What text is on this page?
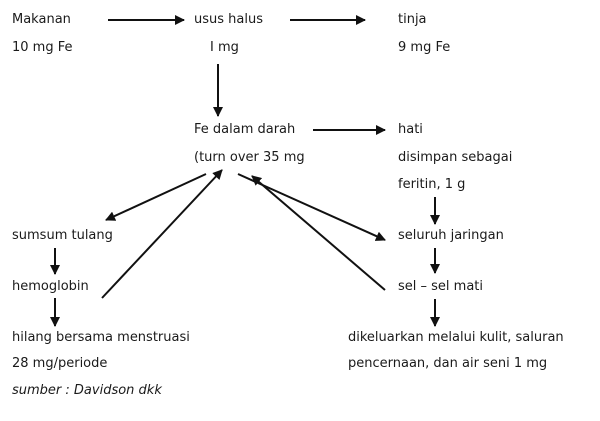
Makanan
10 mg Fe
usus halus
I mg
tinja
9 mg Fe
Fe dalam darah
(turn over 35 mg
hati
disimpan sebagai
feritin, 1 g
sumsum tulang
hemoglobin
hilang bersama menstruasi
28 mg/periode
seluruh jaringan
sel – sel mati
dikeluarkan melalui kulit, saluran
pencernaan, dan air seni 1 mg
sumber : Davidson dkk
